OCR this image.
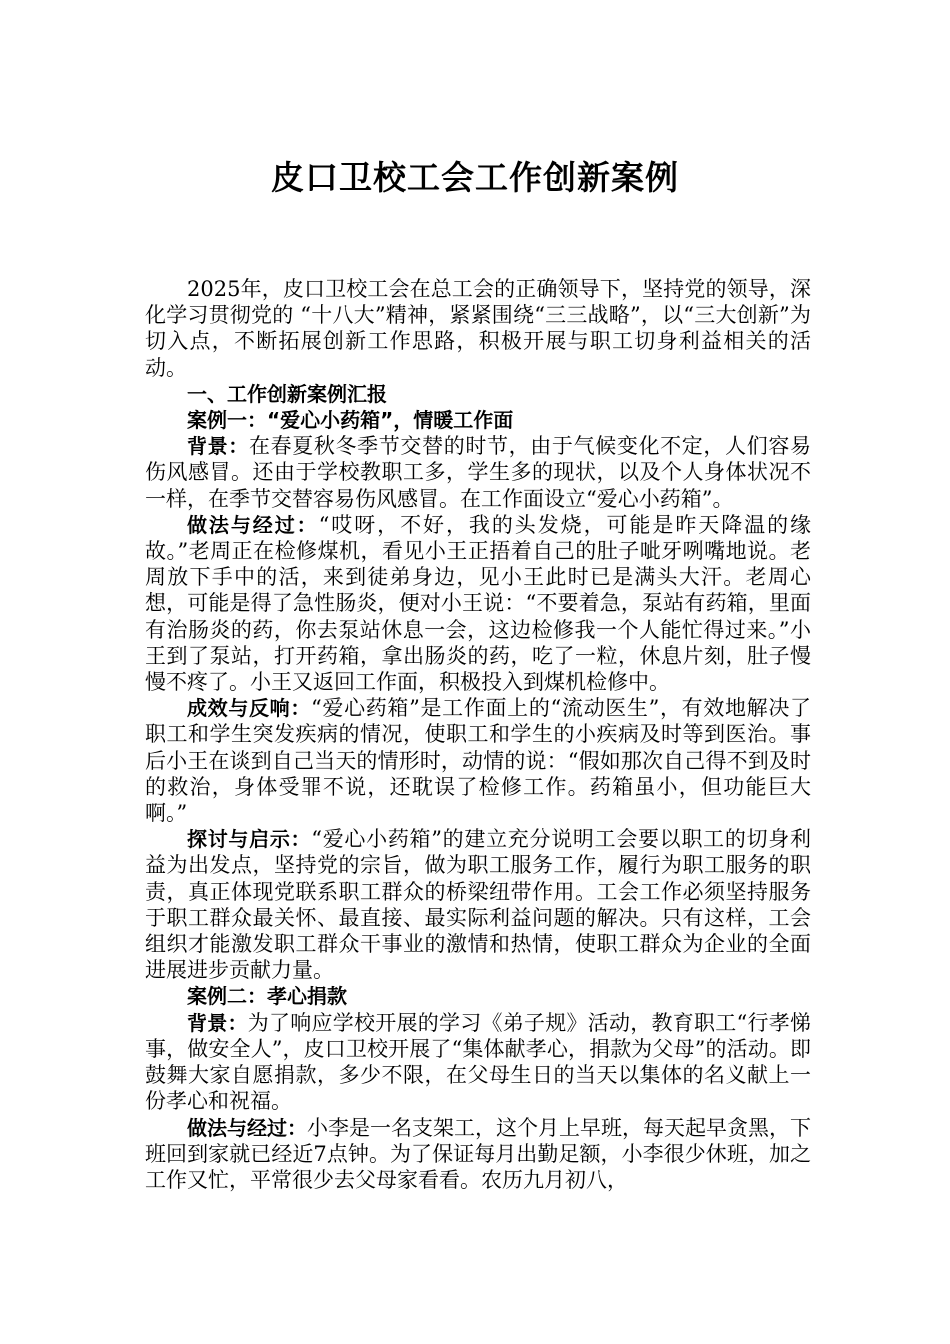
皮口卫校工会工作创新案例

2025年，皮口卫校工会在总工会的正确领导下，坚持党的领导，深化学习贯彻党的 “十八大”精神，紧紧围绕“三三战略”，以“三大创新”为切入点，不断拓展创新工作思路，积极开展与职工切身利益相关的活动。

一、工作创新案例汇报

案例一：“爱心小药箱”，情暖工作面

背景：在春夏秋冬季节交替的时节，由于气候变化不定，人们容易伤风感冒。还由于学校教职工多，学生多的现状，以及个人身体状况不一样，在季节交替容易伤风感冒。在工作面设立“爱心小药箱”。

做法与经过：“哎呀，不好，我的头发烧，可能是昨天降温的缘故。”老周正在检修煤机，看见小王正捂着自己的肚子呲牙咧嘴地说。老周放下手中的活，来到徒弟身边，见小王此时已是满头大汗。老周心想，可能是得了急性肠炎，便对小王说：“不要着急，泵站有药箱，里面有治肠炎的药，你去泵站休息一会，这边检修我一个人能忙得过来。”小王到了泵站，打开药箱，拿出肠炎的药，吃了一粒，休息片刻，肚子慢慢不疼了。小王又返回工作面，积极投入到煤机检修中。

成效与反响：“爱心药箱”是工作面上的“流动医生”，有效地解决了职工和学生突发疾病的情况，使职工和学生的小疾病及时等到医治。事后小王在谈到自己当天的情形时，动情的说：“假如那次自己得不到及时的救治，身体受罪不说，还耽误了检修工作。药箱虽小，但功能巨大啊。”

探讨与启示：“爱心小药箱”的建立充分说明工会要以职工的切身利益为出发点，坚持党的宗旨，做为职工服务工作，履行为职工服务的职责，真正体现党联系职工群众的桥梁纽带作用。工会工作必须坚持服务于职工群众最关怀、最直接、最实际利益问题的解决。只有这样，工会组织才能激发职工群众干事业的激情和热情，使职工群众为企业的全面进展进步贡献力量。

案例二：孝心捐款

背景：为了响应学校开展的学习《弟子规》活动，教育职工“行孝悌事，做安全人”，皮口卫校开展了“集体献孝心，捐款为父母”的活动。即鼓舞大家自愿捐款，多少不限，在父母生日的当天以集体的名义献上一份孝心和祝福。

做法与经过：小李是一名支架工，这个月上早班，每天起早贪黑，下班回到家就已经近7点钟。为了保证每月出勤足额，小李很少休班，加之工作又忙，平常很少去父母家看看。农历九月初八，
